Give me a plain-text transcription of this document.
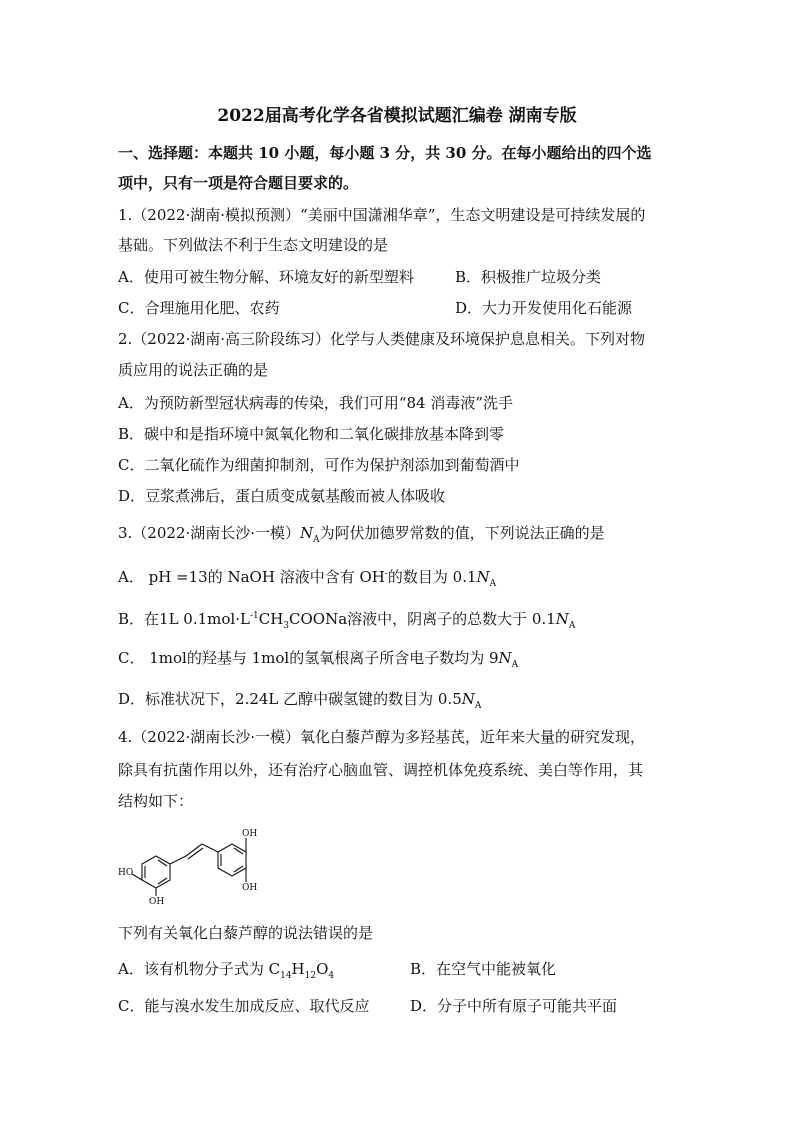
2022届高考化学各省模拟试题汇编卷 湖南专版
一、选择题：本题共 10 小题，每小题 3 分，共 30 分。在每小题给出的四个选
项中，只有一项是符合题目要求的。
1.（2022·湖南·模拟预测）“美丽中国潇湘华章”，生态文明建设是可持续发展的
基础。下列做法不利于生态文明建设的是
A．使用可被生物分解、环境友好的新型塑料	B．积极推广垃圾分类
C．合理施用化肥、农药	D．大力开发使用化石能源
2.（2022·湖南·高三阶段练习）化学与人类健康及环境保护息息相关。下列对物
质应用的说法正确的是
A．为预防新型冠状病毒的传染，我们可用“84 消毒液”洗手
B．碳中和是指环境中氮氧化物和二氧化碳排放基本降到零
C．二氧化硫作为细菌抑制剂，可作为保护剂添加到葡萄酒中
D．豆浆煮沸后，蛋白质变成氨基酸而被人体吸收
3.（2022·湖南长沙·一模）$N_A$为阿伏加德罗常数的值，下列说法正确的是
A． pH =13的 NaOH 溶液中含有 OH-的数目为 $0.1N_A$
B．在1L $0.1mol\cdot L^{-1}CH_3COONa$溶液中，阴离子的总数大于 $0.1N_A$
C． 1mol的羟基与 1mol的氢氧根离子所含电子数均为 $9N_A$
D．标准状况下，2.24L 乙醇中碳氢键的数目为 $0.5N_A$
4.（2022·湖南长沙·一模）氧化白藜芦醇为多羟基芪，近年来大量的研究发现，
除具有抗菌作用以外，还有治疗心脑血管、调控机体免疫系统、美白等作用，其
结构如下：
OH
HO
OH
OH
下列有关氧化白藜芦醇的说法错误的是
A．该有机物分子式为 $C_{14}H_{12}O_4$	B．在空气中能被氧化
C．能与溴水发生加成反应、取代反应	D．分子中所有原子可能共平面
